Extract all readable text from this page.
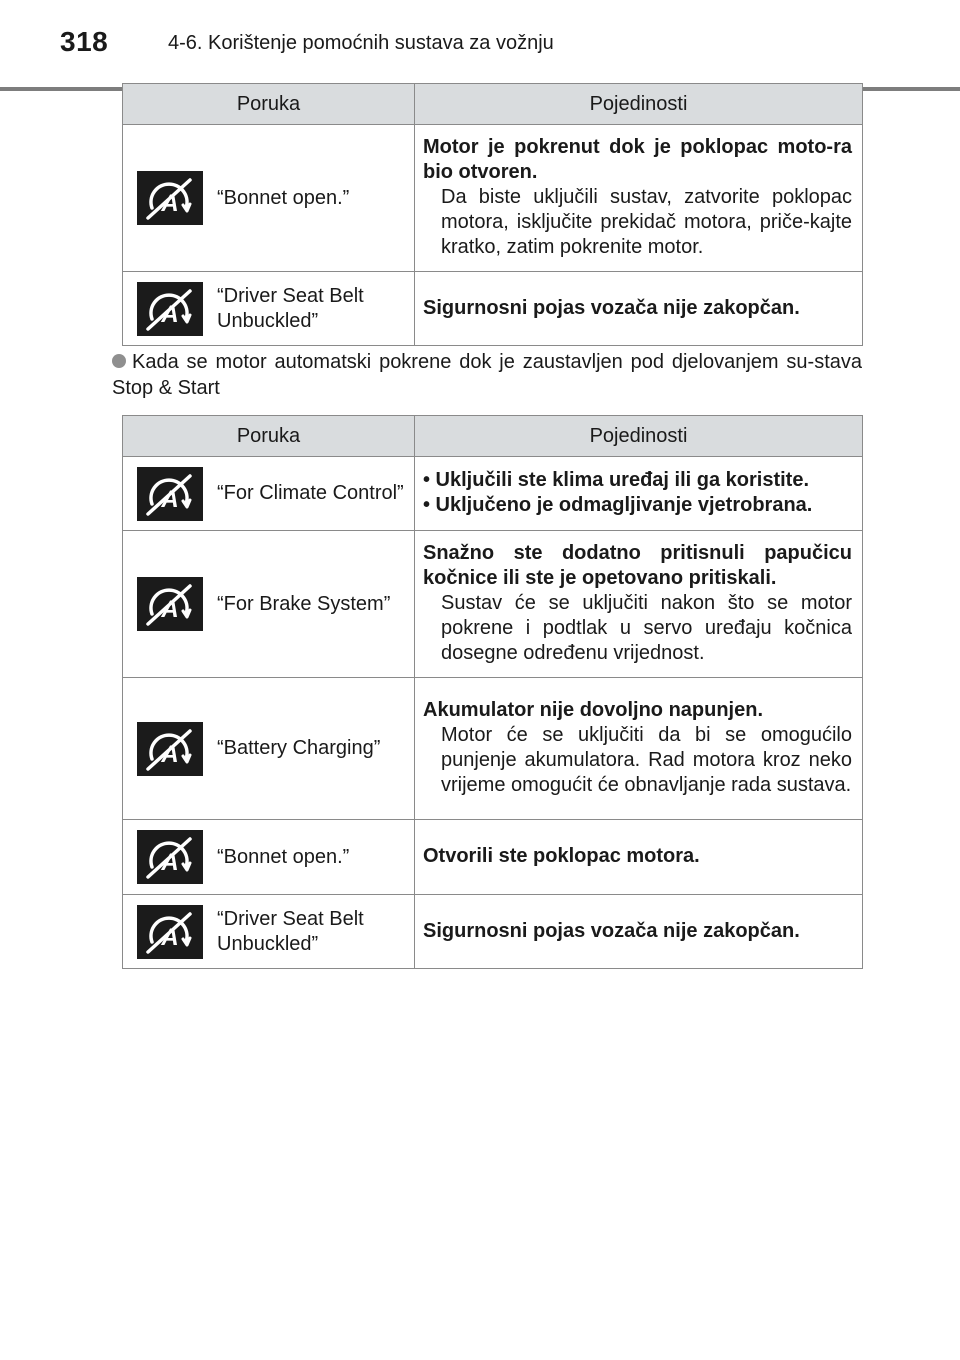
318	4-6. Korištenje pomoćnih sustava za vožnju
Poruka	Pojedinosti

“Bonnet open.”	Motor je pokrenut dok je poklopac moto-ra bio otvoren.
Da biste uključili sustav, zatvorite poklopac motora, isključite prekidač motora, priče-kajte kratko, zatim pokrenite motor.

“Driver Seat Belt Unbuckled”	Sigurnosni pojas vozača nije zakopčan.
Kada se motor automatski pokrene dok je zaustavljen pod djelovanjem su-stava Stop & Start
Poruka	Pojedinosti

“For Climate Control”	• Uključili ste klima uređaj ili ga koristite.
• Uključeno je odmagljivanje vjetrobrana.

“For Brake System”	Snažno ste dodatno pritisnuli papučicu kočnice ili ste je opetovano pritiskali.
Sustav će se uključiti nakon što se motor pokrene i podtlak u servo uređaju kočnica dosegne određenu vrijednost.

“Battery Charging”	Akumulator nije dovoljno napunjen.
Motor će se uključiti da bi se omogućilo punjenje akumulatora. Rad motora kroz neko vrijeme omogućit će obnavljanje rada sustava.

“Bonnet open.”	Otvorili ste poklopac motora.

“Driver Seat Belt Unbuckled”	Sigurnosni pojas vozača nije zakopčan.
